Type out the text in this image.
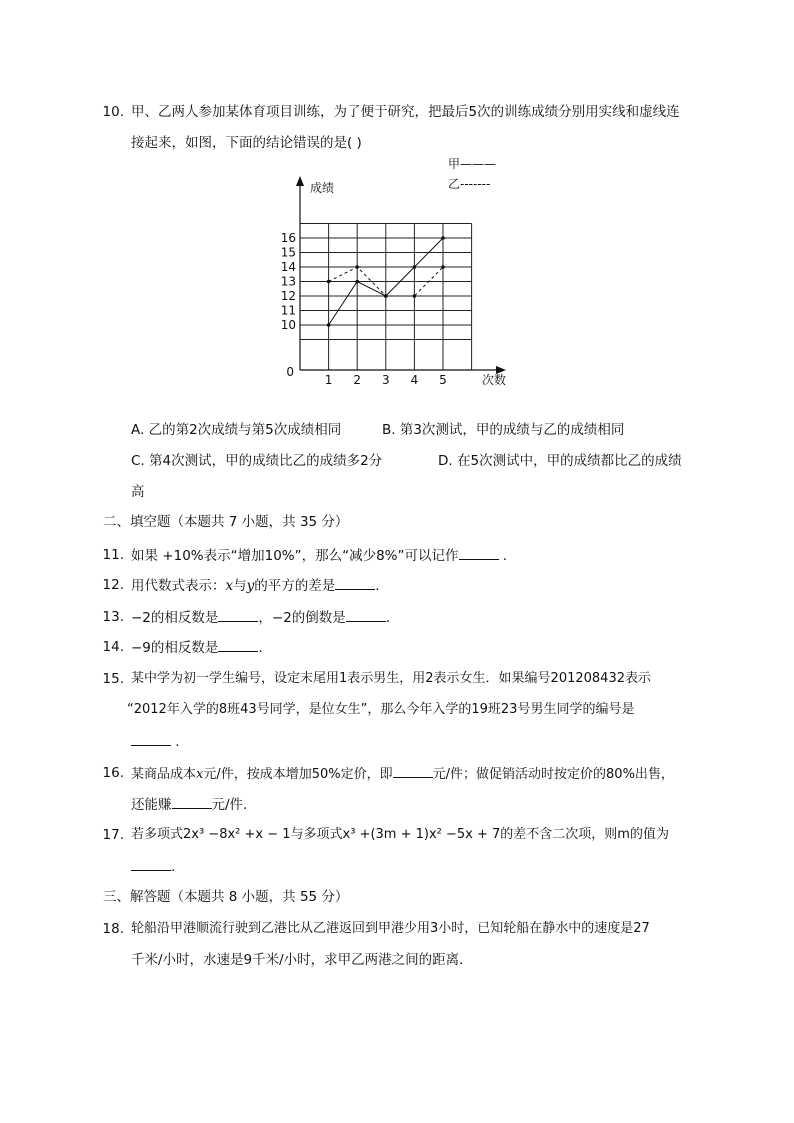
10. 甲、乙两人参加某体育项目训练，为了便于研究，把最后5次的训练成绩分别用实线和虚线连
接起来，如图，下面的结论错误的是( )
成绩
次数
0
10
11
12
13
14
15
16
1 2 3 4 5
甲———
乙-------
A. 乙的第2次成绩与第5次成绩相同	B. 第3次测试，甲的成绩与乙的成绩相同
C. 第4次测试，甲的成绩比乙的成绩多2分	D. 在5次测试中，甲的成绩都比乙的成绩
高
二、填空题（本题共 7 小题，共 35 分）
11. 如果 +10%表示“增加10%”，那么“减少8%”可以记作	.
12. 用代数式表示：x与y的平方的差是	.
13. −2的相反数是	，−2的倒数是	.
14. −9的相反数是	.
15. 某中学为初一学生编号，设定末尾用1表示男生，用2表示女生．如果编号201208432表示
“2012年入学的8班43号同学，是位女生”，那么今年入学的19班23号男生同学的编号是
.
16. 某商品成本x元/件，按成本增加50%定价，即	元/件；做促销活动时按定价的80%出售，
还能赚	元/件.
17. 若多项式2x³ −8x² +x − 1与多项式x³ +(3m + 1)x² −5x + 7的差不含二次项，则m的值为
.
三、解答题（本题共 8 小题，共 55 分）
18. 轮船沿甲港顺流行驶到乙港比从乙港返回到甲港少用3小时，已知轮船在静水中的速度是27
千米/小时，水速是9千米/小时，求甲乙两港之间的距离．
